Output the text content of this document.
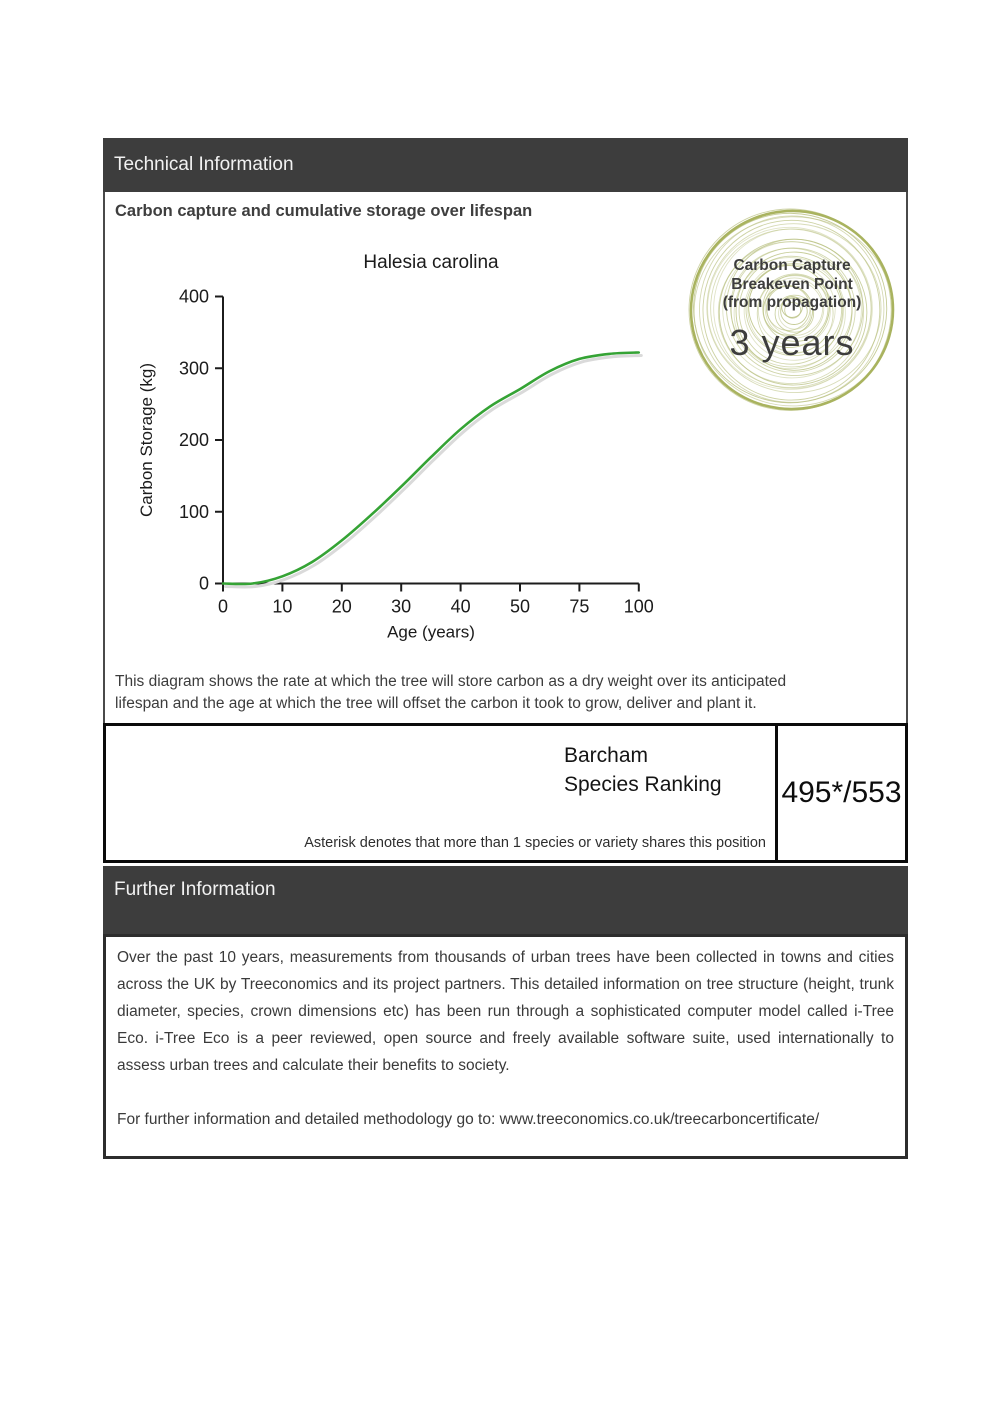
Technical Information
Carbon capture and cumulative storage over lifespan
0
100
200
300
400
0 10 20 30 40 50 75 100
Halesia carolina
Age (years)
Carbon Storage (kg)
Carbon Capture
Breakeven Point
(from propagation)
3 years
This diagram shows the rate at which the tree will store carbon as a dry weight over its anticipated
lifespan and the age at which the tree will offset the carbon it took to grow, deliver and plant it.
Barcham
Species Ranking
Asterisk denotes that more than 1 species or variety shares this position
495*/553
Further Information

Over the past 10 years, measurements from thousands of urban trees have been collected in towns and cities across the UK by Treeconomics and its project partners. This detailed information on tree structure (height, trunk diameter, species, crown dimensions etc) has been run through a sophisticated computer model called i-Tree Eco. i-Tree Eco is a peer reviewed, open source and freely available software suite, used internationally to assess urban trees and calculate their benefits to society.

For further information and detailed methodology go to: www.treeconomics.co.uk/treecarboncertificate/
